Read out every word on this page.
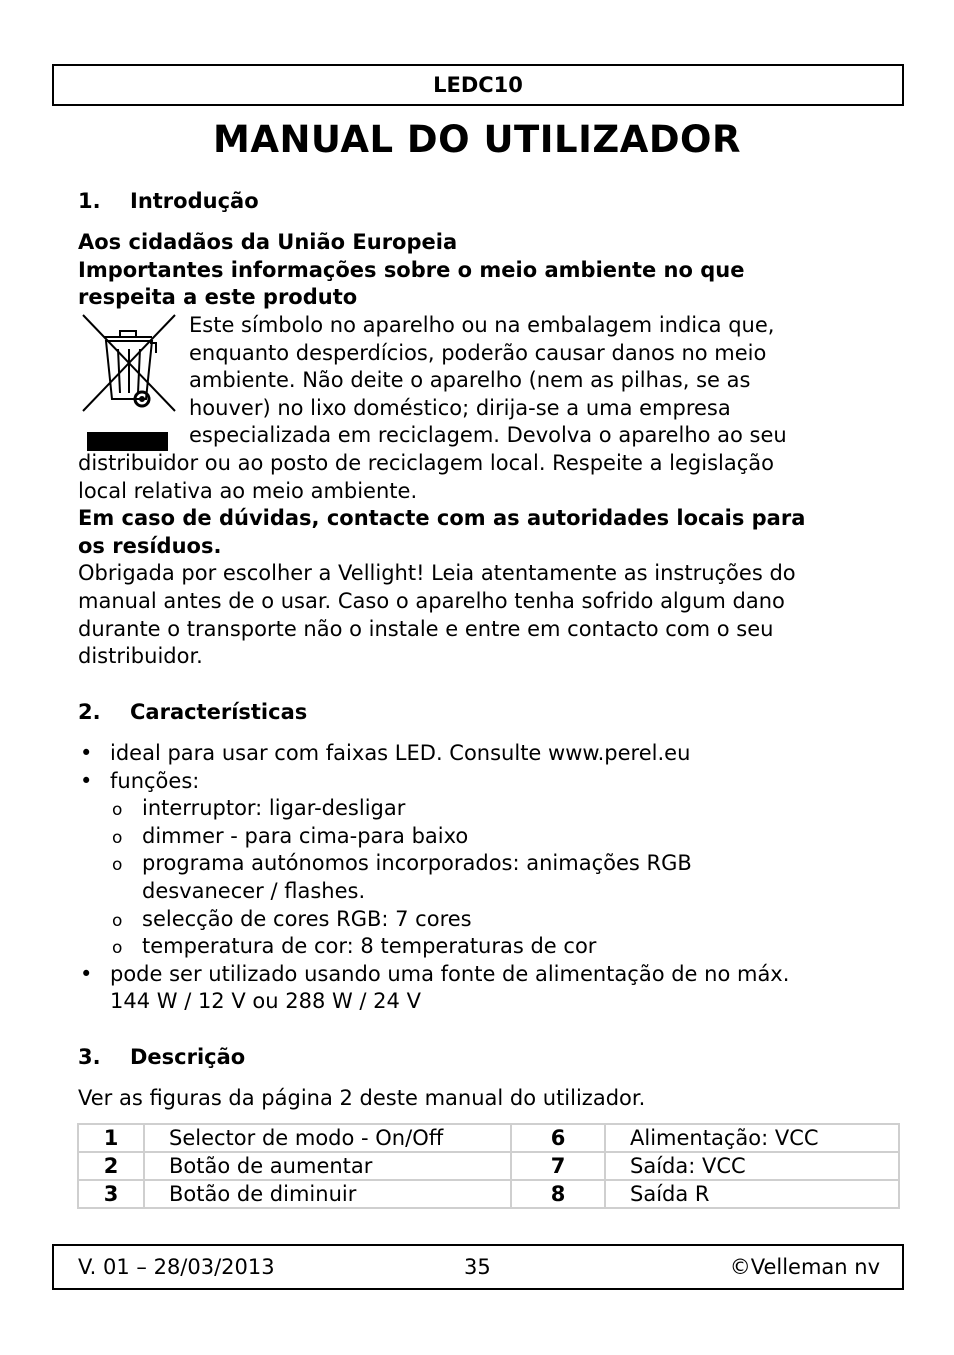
LEDC10
MANUAL DO UTILIZADOR
1. Introdução
Aos cidadãos da União Europeia
Importantes informações sobre o meio ambiente no que
respeita a este produto
Este símbolo no aparelho ou na embalagem indica que,
enquanto desperdícios, poderão causar danos no meio
ambiente. Não deite o aparelho (nem as pilhas, se as
houver) no lixo doméstico; dirija-se a uma empresa
especializada em reciclagem. Devolva o aparelho ao seu
distribuidor ou ao posto de reciclagem local. Respeite a legislação
local relativa ao meio ambiente.
Em caso de dúvidas, contacte com as autoridades locais para
os resíduos.
Obrigada por escolher a Vellight! Leia atentamente as instruções do
manual antes de o usar. Caso o aparelho tenha sofrido algum dano
durante o transporte não o instale e entre em contacto com o seu
distribuidor.
2. Características
• ideal para usar com faixas LED. Consulte www.perel.eu
• funções:
o interruptor: ligar-desligar
o dimmer - para cima-para baixo
o programa autónomos incorporados: animações RGB
desvanecer / flashes.
o selecção de cores RGB: 7 cores
o temperatura de cor: 8 temperaturas de cor
• pode ser utilizado usando uma fonte de alimentação de no máx.
144 W / 12 V ou 288 W / 24 V
3. Descrição
Ver as figuras da página 2 deste manual do utilizador.
1	Selector de modo - On/Off	6	Alimentação: VCC
2	Botão de aumentar	7	Saída: VCC
3	Botão de diminuir	8	Saída R
V. 01 – 28/03/2013	35	©Velleman nv
